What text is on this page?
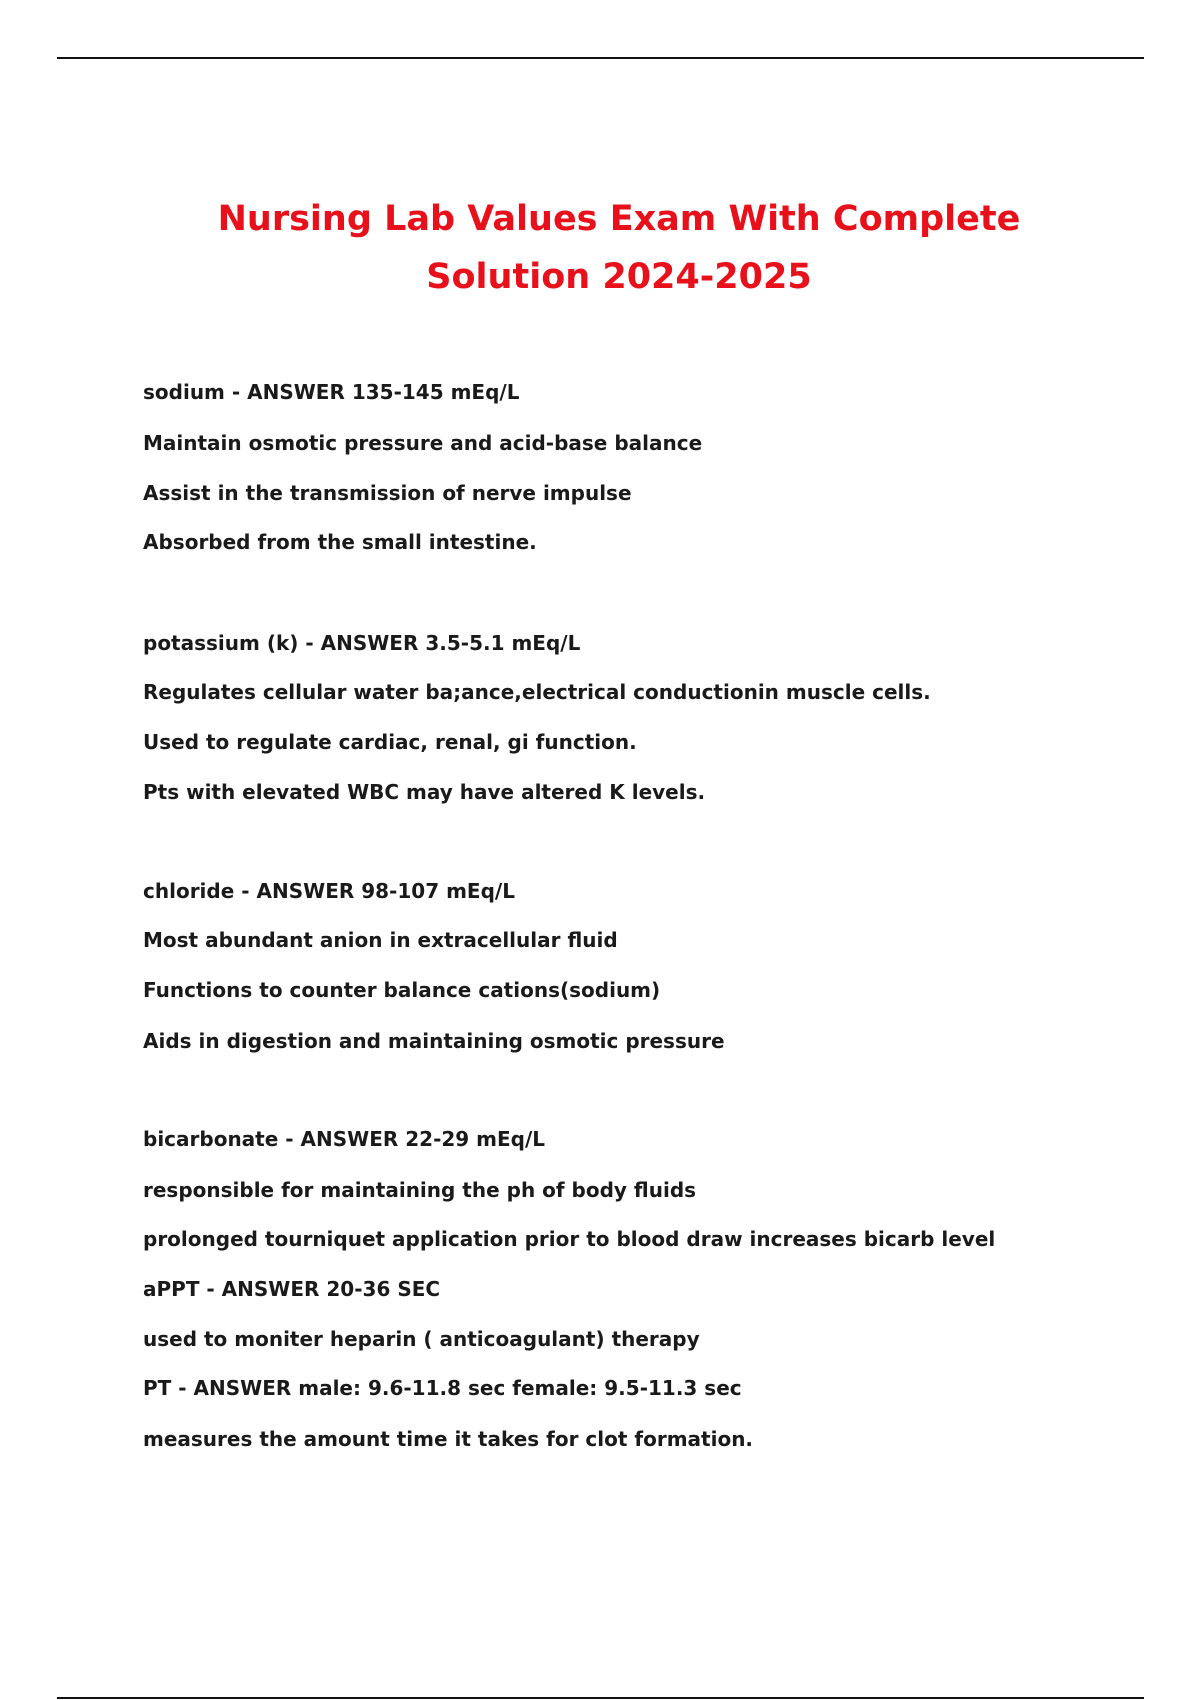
Nursing Lab Values Exam With Complete
Solution 2024-2025
sodium - ANSWER 135-145 mEq/L
Maintain osmotic pressure and acid-base balance
Assist in the transmission of nerve impulse
Absorbed from the small intestine.
potassium (k) - ANSWER 3.5-5.1 mEq/L
Regulates cellular water ba;ance,electrical conductionin muscle cells.
Used to regulate cardiac, renal, gi function.
Pts with elevated WBC may have altered K levels.
chloride - ANSWER 98-107 mEq/L
Most abundant anion in extracellular fluid
Functions to counter balance cations(sodium)
Aids in digestion and maintaining osmotic pressure
bicarbonate - ANSWER 22-29 mEq/L
responsible for maintaining the ph of body fluids
prolonged tourniquet application prior to blood draw increases bicarb level
aPPT - ANSWER 20-36 SEC
used to moniter heparin ( anticoagulant) therapy
PT - ANSWER male: 9.6-11.8 sec female: 9.5-11.3 sec
measures the amount time it takes for clot formation.
